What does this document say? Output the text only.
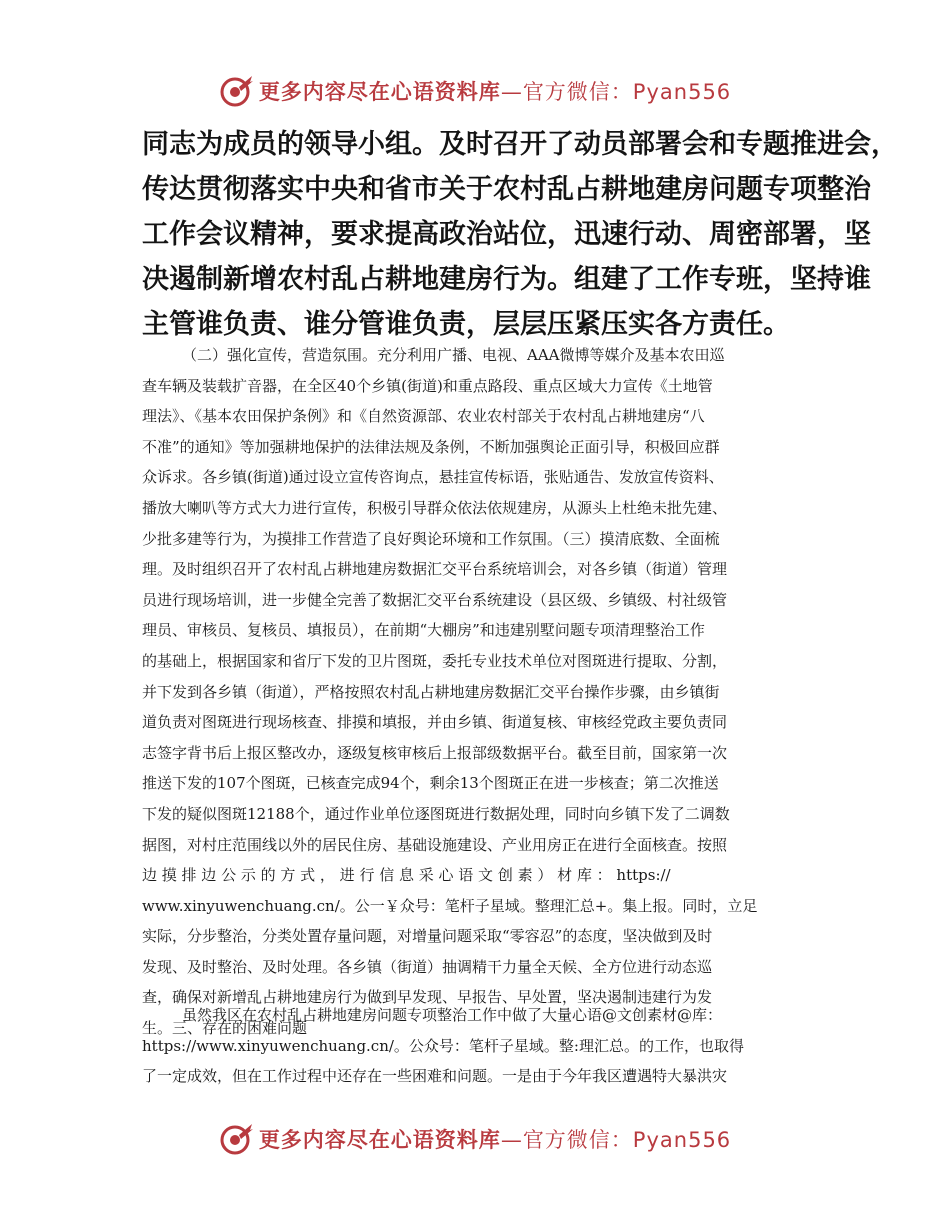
更多内容尽在心语资料库 —官方微信：Pyan556
同志为成员的领导小组。及时召开了动员部署会和专题推进会，
传达贯彻落实中央和省市关于农村乱占耕地建房问题专项整治
工作会议精神，要求提高政治站位，迅速行动、周密部署，坚
决遏制新增农村乱占耕地建房行为。组建了工作专班，坚持谁
主管谁负责、谁分管谁负责，层层压紧压实各方责任。
（二）强化宣传，营造氛围。充分利用广播、电视、AAA微博等媒介及基本农田巡
查车辆及装载扩音器，在全区40个乡镇(街道)和重点路段、重点区域大力宣传《土地管
理法》、《基本农田保护条例》和《自然资源部、农业农村部关于农村乱占耕地建房“八
不准”的通知》等加强耕地保护的法律法规及条例，不断加强舆论正面引导，积极回应群
众诉求。各乡镇(街道)通过设立宣传咨询点，悬挂宣传标语，张贴通告、发放宣传资料、
播放大喇叭等方式大力进行宣传，积极引导群众依法依规建房，从源头上杜绝未批先建、
少批多建等行为，为摸排工作营造了良好舆论环境和工作氛围。（三）摸清底数、全面梳
理。及时组织召开了农村乱占耕地建房数据汇交平台系统培训会，对各乡镇（街道）管理
员进行现场培训，进一步健全完善了数据汇交平台系统建设（县区级、乡镇级、村社级管
理员、审核员、复核员、填报员），在前期“大棚房”和违建别墅问题专项清理整治工作
的基础上，根据国家和省厅下发的卫片图斑，委托专业技术单位对图斑进行提取、分割，
并下发到各乡镇（街道），严格按照农村乱占耕地建房数据汇交平台操作步骤，由乡镇街
道负责对图斑进行现场核查、排摸和填报，并由乡镇、街道复核、审核经党政主要负责同
志签字背书后上报区整改办，逐级复核审核后上报部级数据平台。截至目前，国家第一次
推送下发的107个图斑，已核查完成94个，剩余13个图斑正在进一步核查；第二次推送
下发的疑似图斑12188个，通过作业单位逐图斑进行数据处理，同时向乡镇下发了二调数
据图，对村庄范围线以外的居民住房、基础设施建设、产业用房正在进行全面核查。按照
边 摸 排 边 公 示 的 方 式 ， 进 行 信 息 采 心 语 文 创 素 ） 材 库 ： https://
www.xinyuwenchuang.cn/。公一￥众号：笔杆子星域。整理汇总+。集上报。同时，立足
实际，分步整治，分类处置存量问题，对增量问题采取“零容忍”的态度，坚决做到及时
发现、及时整治、及时处理。各乡镇（街道）抽调精干力量全天候、全方位进行动态巡
查，确保对新增乱占耕地建房行为做到早发现、早报告、早处置，坚决遏制违建行为发
生。三、存在的困难问题
虽然我区在农村乱占耕地建房问题专项整治工作中做了大量心语@文创素材@库：
https://www.xinyuwenchuang.cn/。公众号：笔杆子星域。整:理汇总。的工作，也取得
了一定成效，但在工作过程中还存在一些困难和问题。一是由于今年我区遭遇特大暴洪灾
更多内容尽在心语资料库 —官方微信：Pyan556
